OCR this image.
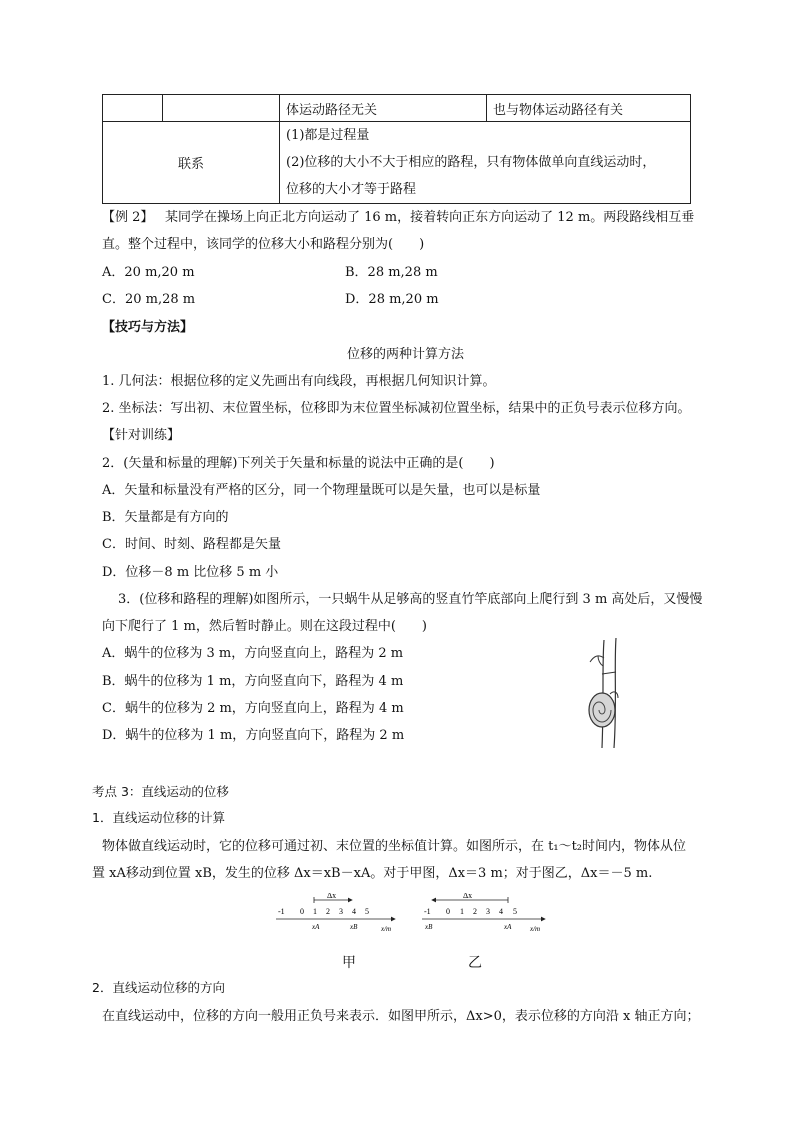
		体运动路径无关	也与物体运动路径有关
联系		(1)都是过程量
(2)位移的大小不大于相应的路程，只有物体做单向直线运动时，
位移的大小才等于路程	
【例 2】 某同学在操场上向正北方向运动了 16 m，接着转向正东方向运动了 12 m。两段路线相互垂
直。整个过程中，该同学的位移大小和路程分别为(　　)
A．20 m,20 m	B．28 m,28 m
C．20 m,28 m	D．28 m,20 m
【技巧与方法】
位移的两种计算方法
1. 几何法：根据位移的定义先画出有向线段，再根据几何知识计算。
2. 坐标法：写出初、末位置坐标，位移即为末位置坐标减初位置坐标，结果中的正负号表示位移方向。
【针对训练】
2．(矢量和标量的理解)下列关于矢量和标量的说法中正确的是(　　)
A．矢量和标量没有严格的区分，同一个物理量既可以是矢量，也可以是标量
B．矢量都是有方向的
C．时间、时刻、路程都是矢量
D．位移－8 m 比位移 5 m 小
3．(位移和路程的理解)如图所示，一只蜗牛从足够高的竖直竹竿底部向上爬行到 3 m 高处后，又慢慢
向下爬行了 1 m，然后暂时静止。则在这段过程中(　　)
A．蜗牛的位移为 3 m，方向竖直向上，路程为 2 m
B．蜗牛的位移为 1 m，方向竖直向下，路程为 4 m
C．蜗牛的位移为 2 m，方向竖直向上，路程为 4 m
D．蜗牛的位移为 1 m，方向竖直向下，路程为 2 m
考点 3：直线运动的位移
1．直线运动位移的计算
物体做直线运动时，它的位移可通过初、末位置的坐标值计算。如图所示，在 t₁～t₂时间内，物体从位
置 xA移动到位置 xB，发生的位移 Δx＝xB－xA。对于甲图，Δx＝3 m；对于图乙，Δx＝－5 m.
Δx
-1 0 1 2 3 4 5
xA	xB	x/m
Δx
-1 0 1 2 3 4 5
xB	xA	x/m
甲	乙
2．直线运动位移的方向
在直线运动中，位移的方向一般用正负号来表示．如图甲所示，Δx>0，表示位移的方向沿 x 轴正方向；
